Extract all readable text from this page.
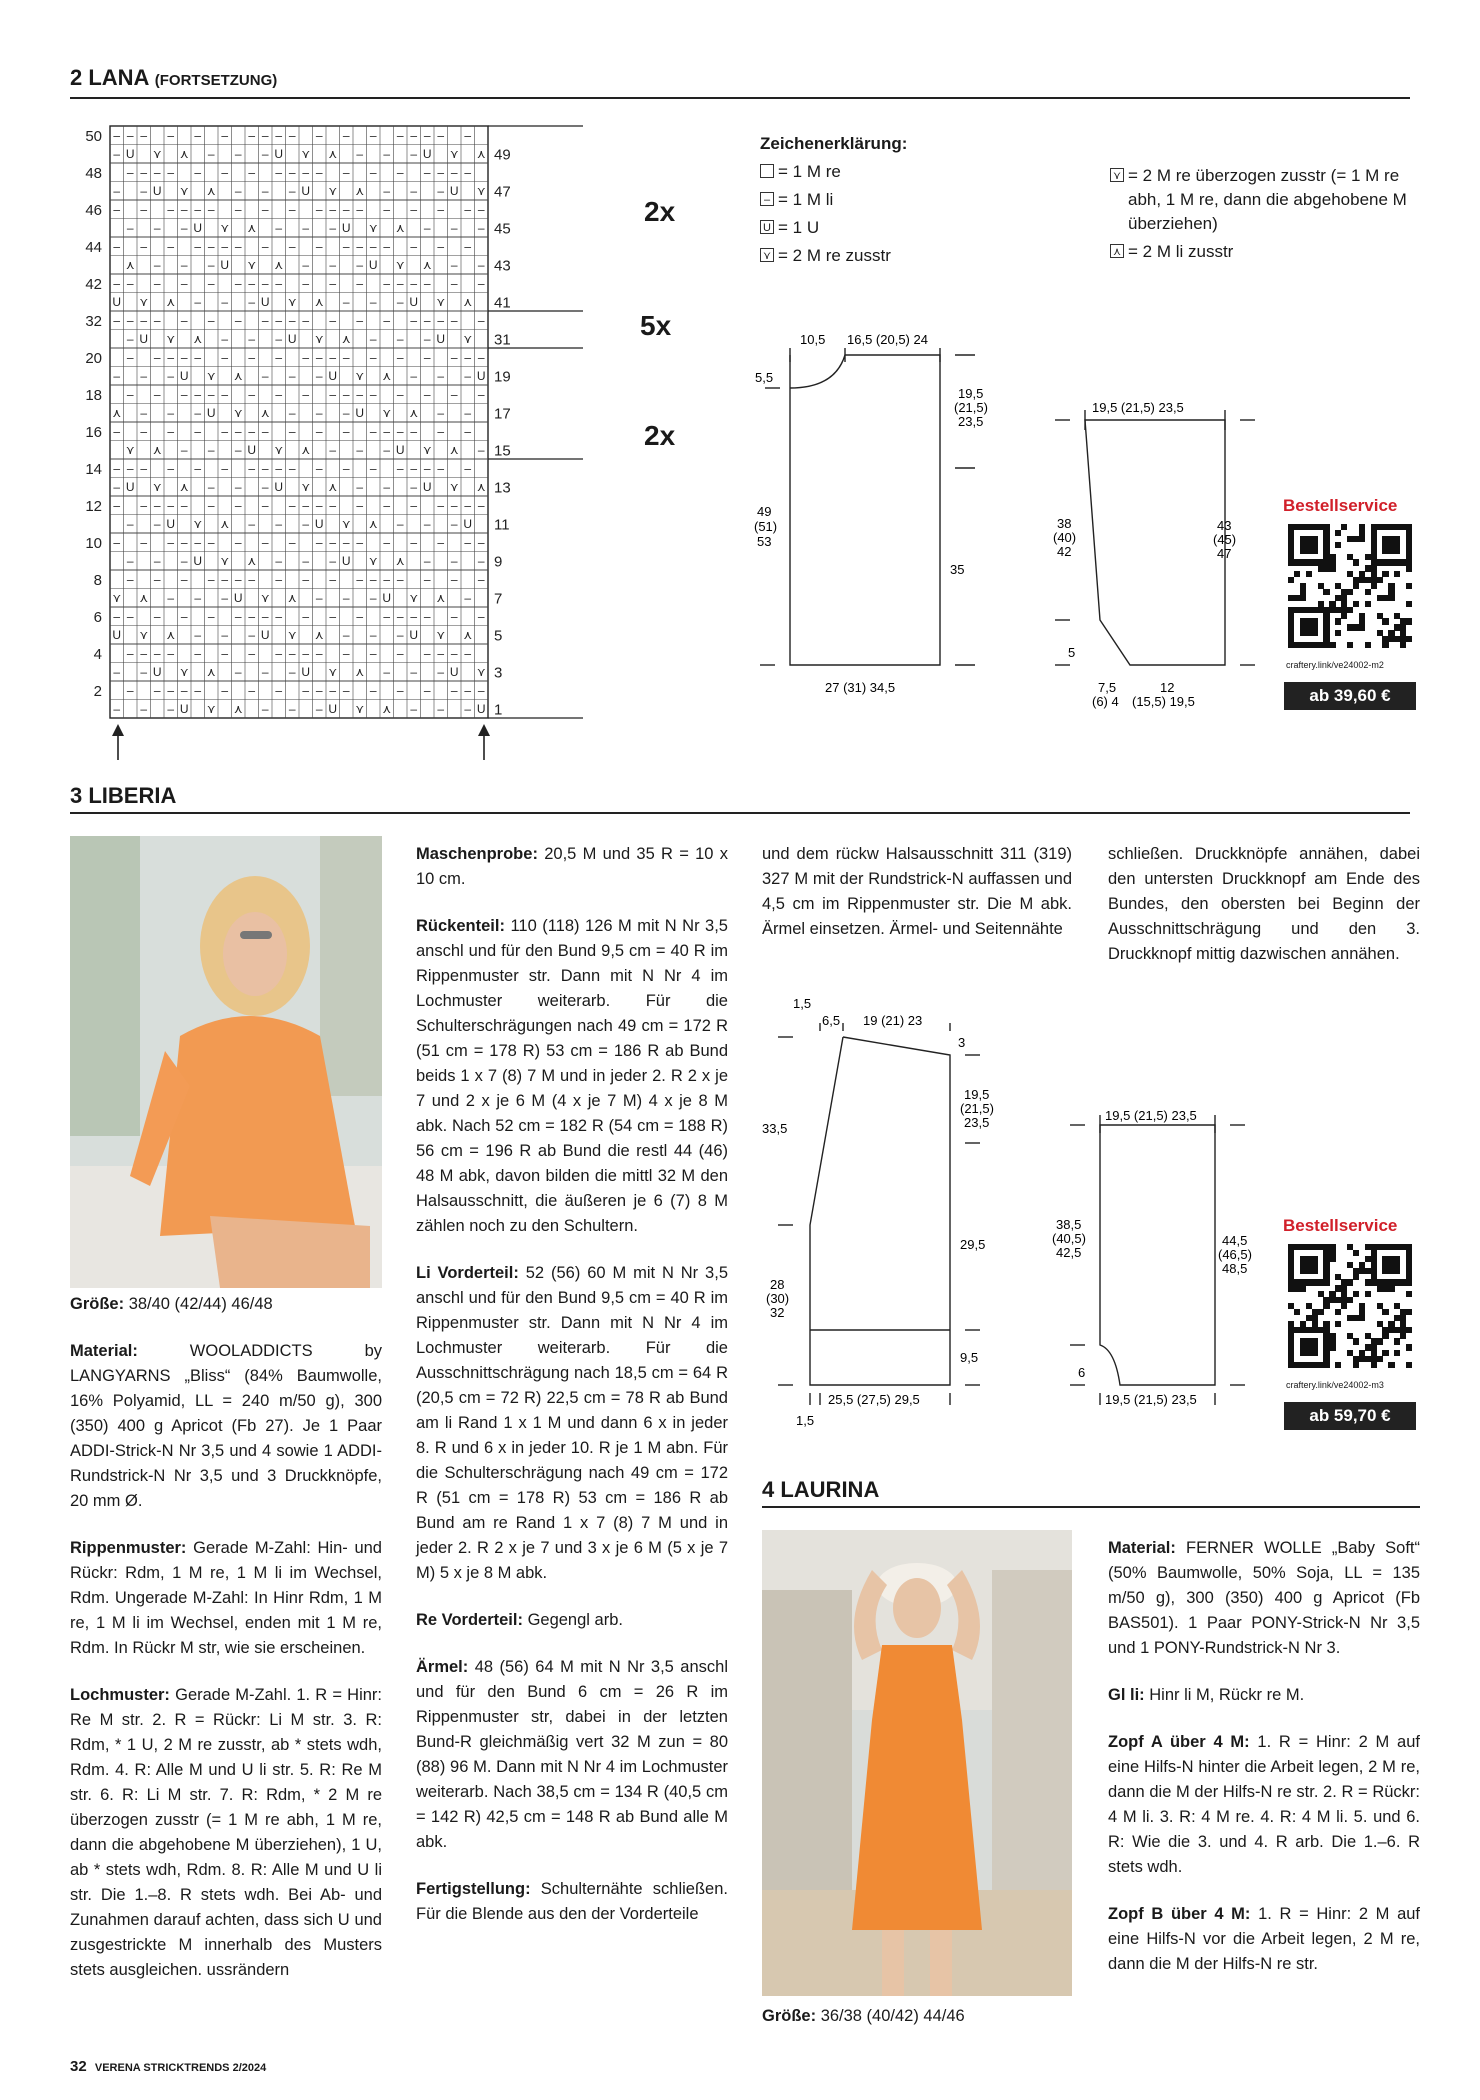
2 LANA (FORTSETZUNG)
– – – – – – – – – – – – – – – – – –
– U ⋎ ⋏ – – – U ⋎ ⋏ – – – U ⋎ ⋏
– – – – – – – – – – – – – – – – – –
– – U ⋎ ⋏ – – – U ⋎ ⋏ – – – U ⋎
– – – – – – – – – – – – – – – – – –
– – – U ⋎ ⋏ – – – U ⋎ ⋏ – – –
– – – – – – – – – – – – – – – – –
⋏ – – – U ⋎ ⋏ – – – U ⋎ ⋏ – –
– – – – – – – – – – – – – – – – – –
U ⋎ ⋏ – – – U ⋎ ⋏ – – – U ⋎ ⋏
– – – – – – – – – – – – – – – – – – –
– U ⋎ ⋏ – – – U ⋎ ⋏ – – – U ⋎
– – – – – – – – – – – – – – – – – –
– – – U ⋎ ⋏ – – – U ⋎ ⋏ – – – U
– – – – – – – – – – – – – – – – –
⋏ – – – U ⋎ ⋏ – – – U ⋎ ⋏ – –
– – – – – – – – – – – – – – – – –
⋎ ⋏ – – – U ⋎ ⋏ – – – U ⋎ ⋏ –
– – – – – – – – – – – – – – – – – –
– U ⋎ ⋏ – – – U ⋎ ⋏ – – – U ⋎ ⋏
– – – – – – – – – – – – – – – – – – –
– – U ⋎ ⋏ – – – U ⋎ ⋏ – – – U
– – – – – – – – – – – – – – – – – –
– – – U ⋎ ⋏ – – – U ⋎ ⋏ – – –
– – – – – – – – – – – – – – – – –
⋎ ⋏ – – – U ⋎ ⋏ – – – U ⋎ ⋏ –
– – – – – – – – – – – – – – – – – –
U ⋎ ⋏ – – – U ⋎ ⋏ – – – U ⋎ ⋏
– – – – – – – – – – – – – – – – – –
– – U ⋎ ⋏ – – – U ⋎ ⋏ – – – U ⋎
– – – – – – – – – – – – – – – – – –
– – – U ⋎ ⋏ – – – U ⋎ ⋏ – – – U
50
48
46
44
42
32
20
18
16
14
12
10
8
6
4
2
49
47
45
43
41
31
19
17
15
13
11
9
7
5
3
1
2x
5x
2x
Zeichenerklärung:
= 1 M re
– = 1 M li
U = 1 U
⋎ = 2 M re zusstr
⋎ = 2 M re überzogen zusstr (= 1 M re abh, 1 M re, dann die abgehobene M überziehen)
⋏ = 2 M li zusstr
10,5 16,5 (20,5) 24
5,5
19,5
(21,5)
23,5
49
(51)
53
35
27 (31) 34,5
19,5 (21,5) 23,5
38
(40)
42
43
(45)
47
5
7,5
(6) 4
12
(15,5) 19,5
Bestellservice
craftery.link/ve24002-m2
ab 39,60 €
3 LIBERIA

Größe: 38/40 (42/44) 46/48

Material:	WOOLADDICTS by LANGYARNS „Bliss“ (84% Baumwolle, 16% Polyamid, LL = 240 m/50 g), 300 (350) 400 g Apricot (Fb 27). Je 1 Paar ADDI-Strick-N Nr 3,5 und 4 sowie 1 ADDI-Rundstrick-N Nr 3,5 und 3 Druckknöpfe, 20 mm Ø.

Rippenmuster: Gerade M-Zahl: Hin- und Rückr: Rdm, 1 M re, 1 M li im Wechsel, Rdm. Ungerade M-Zahl: In Hinr Rdm, 1 M re, 1 M li im Wechsel, enden mit 1 M re, Rdm. In Rückr M str, wie sie erscheinen.

Lochmuster: Gerade M-Zahl. 1. R = Hinr: Re M str. 2. R = Rückr: Li M str. 3. R: Rdm, * 1 U, 2 M re zusstr, ab * stets wdh, Rdm. 4. R: Alle M und U li str. 5. R: Re M str. 6. R: Li M str. 7. R: Rdm, * 2 M re überzogen zusstr (= 1 M re abh, 1 M re, dann die abgehobene M überziehen), 1 U, ab * stets wdh, Rdm. 8. R: Alle M und U li str. Die 1.–8. R stets wdh. Bei Ab- und Zunahmen darauf achten, dass sich U und zusgestrickte M innerhalb des Musters stets ausgleichen. ussrändern

Maschenprobe: 20,5 M und 35 R = 10 x 10 cm.

Rückenteil: 110 (118) 126 M mit N Nr 3,5 anschl und für den Bund 9,5 cm = 40 R im Rippenmuster str. Dann mit N Nr 4 im Lochmuster weiterarb. Für die Schulterschrägungen nach 49 cm = 172 R (51 cm = 178 R) 53 cm = 186 R ab Bund beids 1 x 7 (8) 7 M und in jeder 2. R 2 x je 7 und 2 x je 6 M (4 x je 7 M) 4 x je 8 M abk. Nach 52 cm = 182 R (54 cm = 188 R) 56 cm = 196 R ab Bund die restl 44 (46) 48 M abk, davon bilden die mittl 32 M den Halsausschnitt, die äußeren je 6 (7) 8 M zählen noch zu den Schultern.

Li Vorderteil: 52 (56) 60 M mit N Nr 3,5 anschl und für den Bund 9,5 cm = 40 R im Rippenmuster str. Dann mit N Nr 4 im Lochmuster weiterarb. Für die Ausschnittschrägung nach 18,5 cm = 64 R (20,5 cm = 72 R) 22,5 cm = 78 R ab Bund am li Rand 1 x 1 M und dann 6 x in jeder 8. R und 6 x in jeder 10. R je 1 M abn. Für die Schulterschrägung nach 49 cm = 172 R (51 cm = 178 R) 53 cm = 186 R ab Bund am re Rand 1 x 7 (8) 7 M und in jeder 2. R 2 x je 7 und 3 x je 6 M (5 x je 7 M) 5 x je 8 M abk.

Re Vorderteil: Gegengl arb.

Ärmel: 48 (56) 64 M mit N Nr 3,5 anschl und für den Bund 6 cm = 26 R im Rippenmuster str, dabei in der letzten Bund-R gleichmäßig vert 32 M zun = 80 (88) 96 M. Dann mit N Nr 4 im Lochmuster weiterarb. Nach 38,5 cm = 134 R (40,5 cm = 142 R) 42,5 cm = 148 R ab Bund alle M abk.

Fertigstellung: Schulternähte schließen. Für die Blende aus den der Vorderteile

und dem rückw Halsausschnitt 311 (319) 327 M mit der Rundstrick-N auffassen und 4,5 cm im Rippenmuster str. Die M abk. Ärmel einsetzen. Ärmel- und Seitennähte

schließen. Druckknöpfe annähen, dabei den untersten Druckknopf am Ende des Bundes, den obersten bei Beginn der Ausschnittschrägung und den 3. Druckknopf mittig dazwischen annähen.

1,5
6,5 19 (21) 23
3
19,5
(21,5)
23,5
33,5
29,5
28
(30)
32
9,5
25,5 (27,5) 29,5
1,5
19,5 (21,5) 23,5
38,5
(40,5)
42,5
44,5
(46,5)
48,5
6
19,5 (21,5) 23,5
Bestellservice
craftery.link/ve24002-m3
ab 59,70 €
4 LAURINA
Größe: 36/38 (40/42) 44/46

Material: FERNER WOLLE „Baby Soft“ (50% Baumwolle, 50% Soja, LL = 135 m/50 g), 300 (350) 400 g Apricot (Fb BAS501). 1 Paar PONY-Strick-N Nr 3,5 und 1 PONY-Rundstrick-N Nr 3.

Gl li: Hinr li M, Rückr re M.

Zopf A über 4 M: 1. R = Hinr: 2 M auf eine Hilfs-N hinter die Arbeit legen, 2 M re, dann die M der Hilfs-N re str. 2. R = Rückr: 4 M li. 3. R: 4 M re. 4. R: 4 M li. 5. und 6. R: Wie die 3. und 4. R arb. Die 1.–6. R stets wdh.

Zopf B über 4 M: 1. R = Hinr: 2 M auf eine Hilfs-N vor die Arbeit legen, 2 M re, dann die M der Hilfs-N re str.

32 VERENA STRICKTRENDS 2/2024
